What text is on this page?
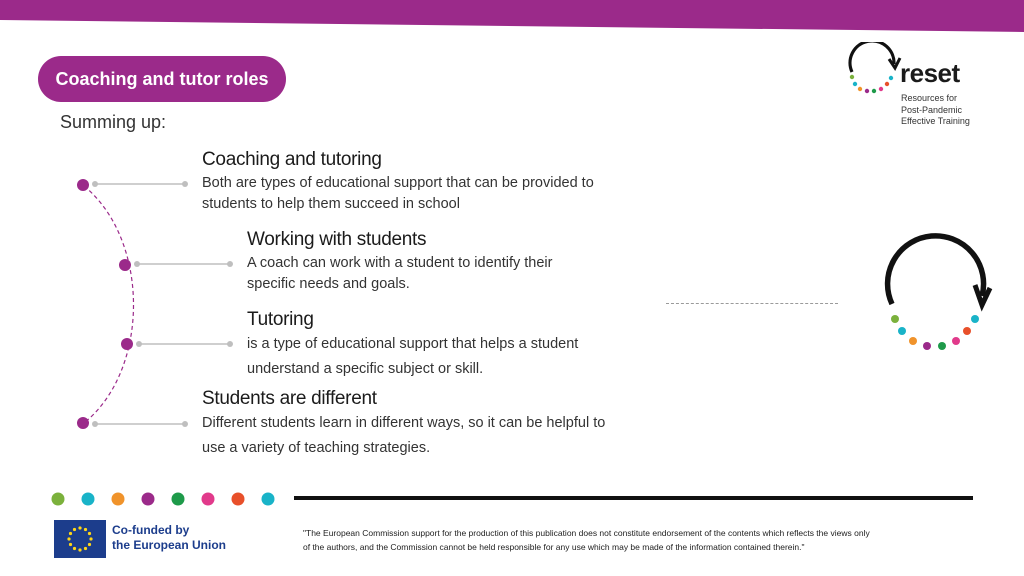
Coaching and tutor roles
Summing up:
reset
Resources for
Post-Pandemic
Effective Training
Coaching and tutoring
Both are types of educational support that can be provided to
students to help them succeed in school
Working with students
A coach can work with a student to identify their
specific needs and goals.
Tutoring
is a type of educational support that helps a student
understand a specific subject or skill.
Students are different
Different students learn in different ways, so it can be helpful to
use a variety of teaching strategies.
Co-funded by
the European Union
"The European Commission support for the production of this publication does not constitute endorsement of the contents which reflects the views only
of the authors, and the Commission cannot be held responsible for any use which may be made of the information contained therein."
